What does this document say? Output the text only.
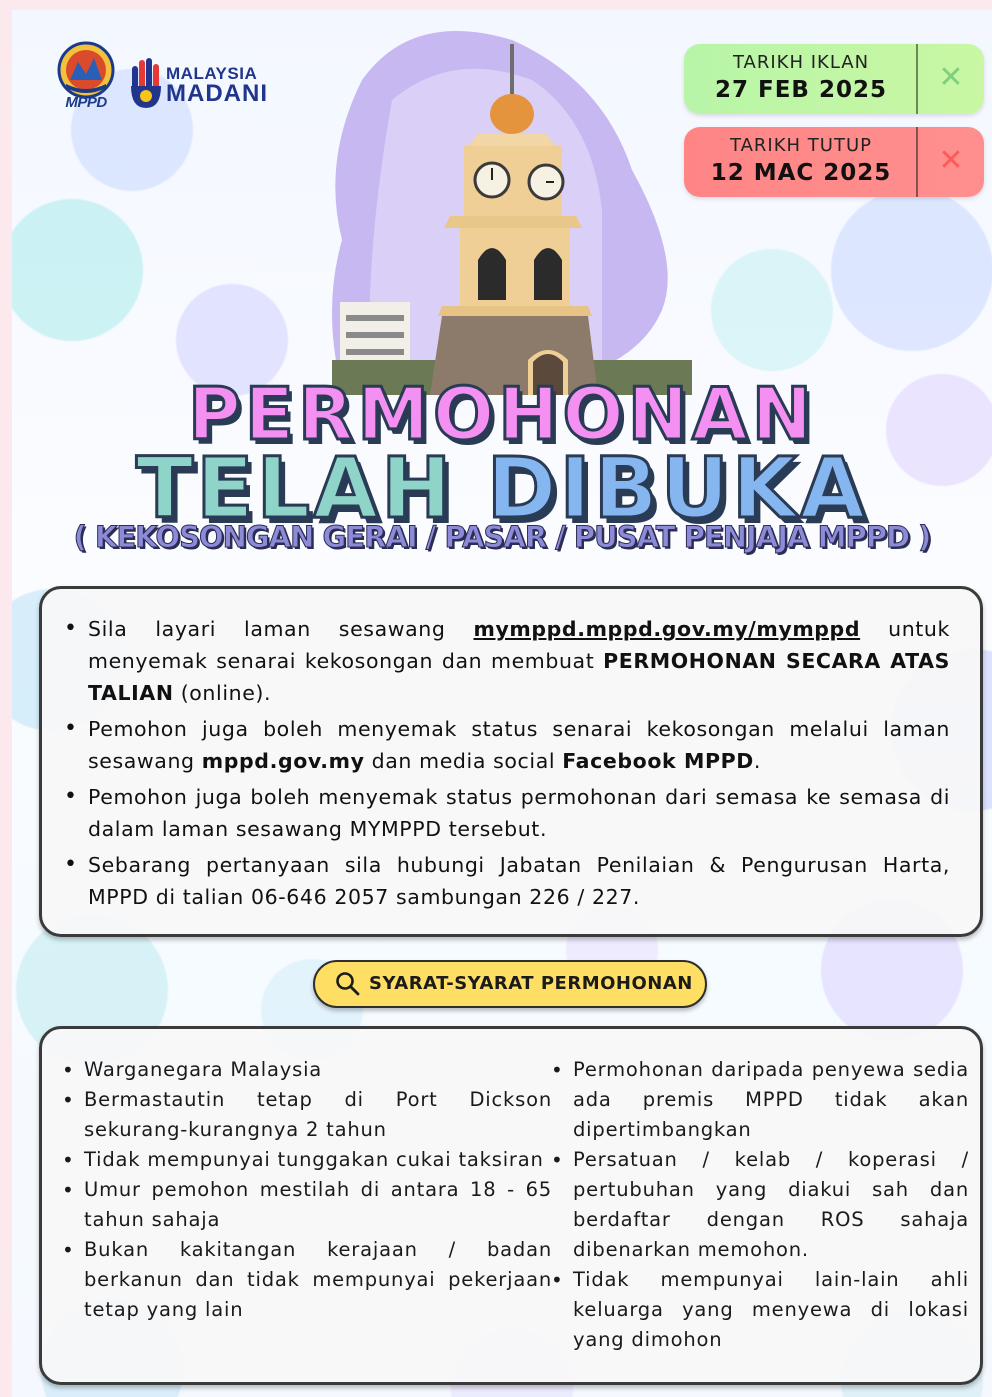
MPPD
MALAYSIA
MADANI
TARIKH IKLAN
27 FEB 2025	✕
TARIKH TUTUP
12 MAC 2025	✕
PERMOHONAN
TELAH DIBUKA
( KEKOSONGAN GERAI / PASAR / PUSAT PENJAJA MPPD )
• Sila layari laman sesawang mymppd.mppd.gov.my/mymppd untuk menyemak senarai kekosongan dan membuat PERMOHONAN SECARA ATAS TALIAN (online).
• Pemohon juga boleh menyemak status senarai kekosongan melalui laman sesawang mppd.gov.my dan media social Facebook MPPD.
• Pemohon juga boleh menyemak status permohonan dari semasa ke semasa di dalam laman sesawang MYMPPD tersebut.
• Sebarang pertanyaan sila hubungi Jabatan Penilaian & Pengurusan Harta, MPPD di talian 06-646 2057 sambungan 226 / 227.
SYARAT-SYARAT PERMOHONAN
• Warganegara Malaysia
• Bermastautin tetap di Port Dickson sekurang-kurangnya 2 tahun
• Tidak mempunyai tunggakan cukai taksiran
• Umur pemohon mestilah di antara 18 - 65 tahun sahaja
• Bukan kakitangan kerajaan / badan berkanun dan tidak mempunyai pekerjaan tetap yang lain
• Permohonan daripada penyewa sedia ada premis MPPD tidak akan dipertimbangkan
• Persatuan / kelab / koperasi / pertubuhan yang diakui sah dan berdaftar dengan ROS sahaja dibenarkan memohon.
• Tidak mempunyai lain-lain ahli keluarga yang menyewa di lokasi yang dimohon
